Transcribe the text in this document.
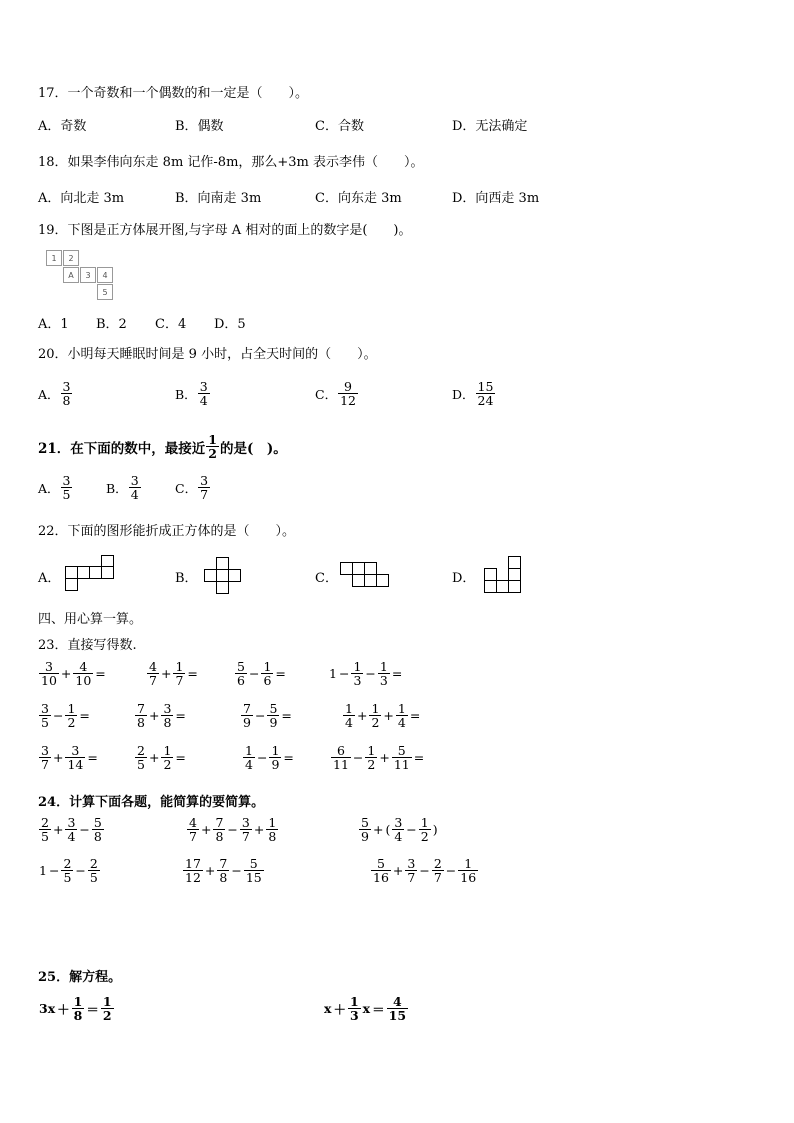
17．一个奇数和一个偶数的和一定是（　　）。
A．奇数	B．偶数	C．合数	D．无法确定
18．如果李伟向东走 8m 记作-8m，那么+3m 表示李伟（　　）。
A．向北走 3m	B．向南走 3m	C．向东走 3m	D．向西走 3m
19．下图是正方体展开图,与字母 A 相对的面上的数字是(　　)。
1	2
A	3	4
5
A．1 B．2 C．4 D．5
20．小明每天睡眠时间是 9 小时，占全天时间的（　　）。
A． $\frac{3}{8}$	B． $\frac{3}{4}$	C． $\frac{9}{12}$	D． $\frac{15}{24}$
21．在下面的数中，最接近 $\frac{1}{2}$ 的是(　)。
A． $\frac{3}{5}$	B． $\frac{3}{4}$	C． $\frac{3}{7}$
22．下面的图形能折成正方体的是（　　）。
A．	B．	C．	D．
四、用心算一算。
23．直接写得数.
$\frac{3}{10} + \frac{4}{10}$ =	$\frac{4}{7} + \frac{1}{7}$ =	$\frac{5}{6} - \frac{1}{6}$ =	$1 - \frac{1}{3} - \frac{1}{3}$ =
$\frac{3}{5} - \frac{1}{2}$ =	$\frac{7}{8} + \frac{3}{8}$ =	$\frac{7}{9} - \frac{5}{9}$ =	$\frac{1}{4} + \frac{1}{2} + \frac{1}{4}$ =
$\frac{3}{7} + \frac{3}{14}$ =	$\frac{2}{5} + \frac{1}{2}$ =	$\frac{1}{4} - \frac{1}{9}$ =	$\frac{6}{11} - \frac{1}{2} + \frac{5}{11}$ =
24．计算下面各题，能简算的要简算。
$\frac{2}{5} + \frac{3}{4} - \frac{5}{8}$	$\frac{4}{7} + \frac{7}{8} - \frac{3}{7} + \frac{1}{8}$	$\frac{5}{9}$ + ( $\frac{3}{4} - \frac{1}{2}$ )
$1 - \frac{2}{5} - \frac{2}{5}$	$\frac{17}{12} + \frac{7}{8} - \frac{5}{15}$	$\frac{5}{16} + \frac{3}{7} - \frac{2}{7} - \frac{1}{16}$
25．解方程。
$3x + \frac{1}{8} = \frac{1}{2}$	$x + \frac{1}{3}$ $x = \frac{4}{15}$
